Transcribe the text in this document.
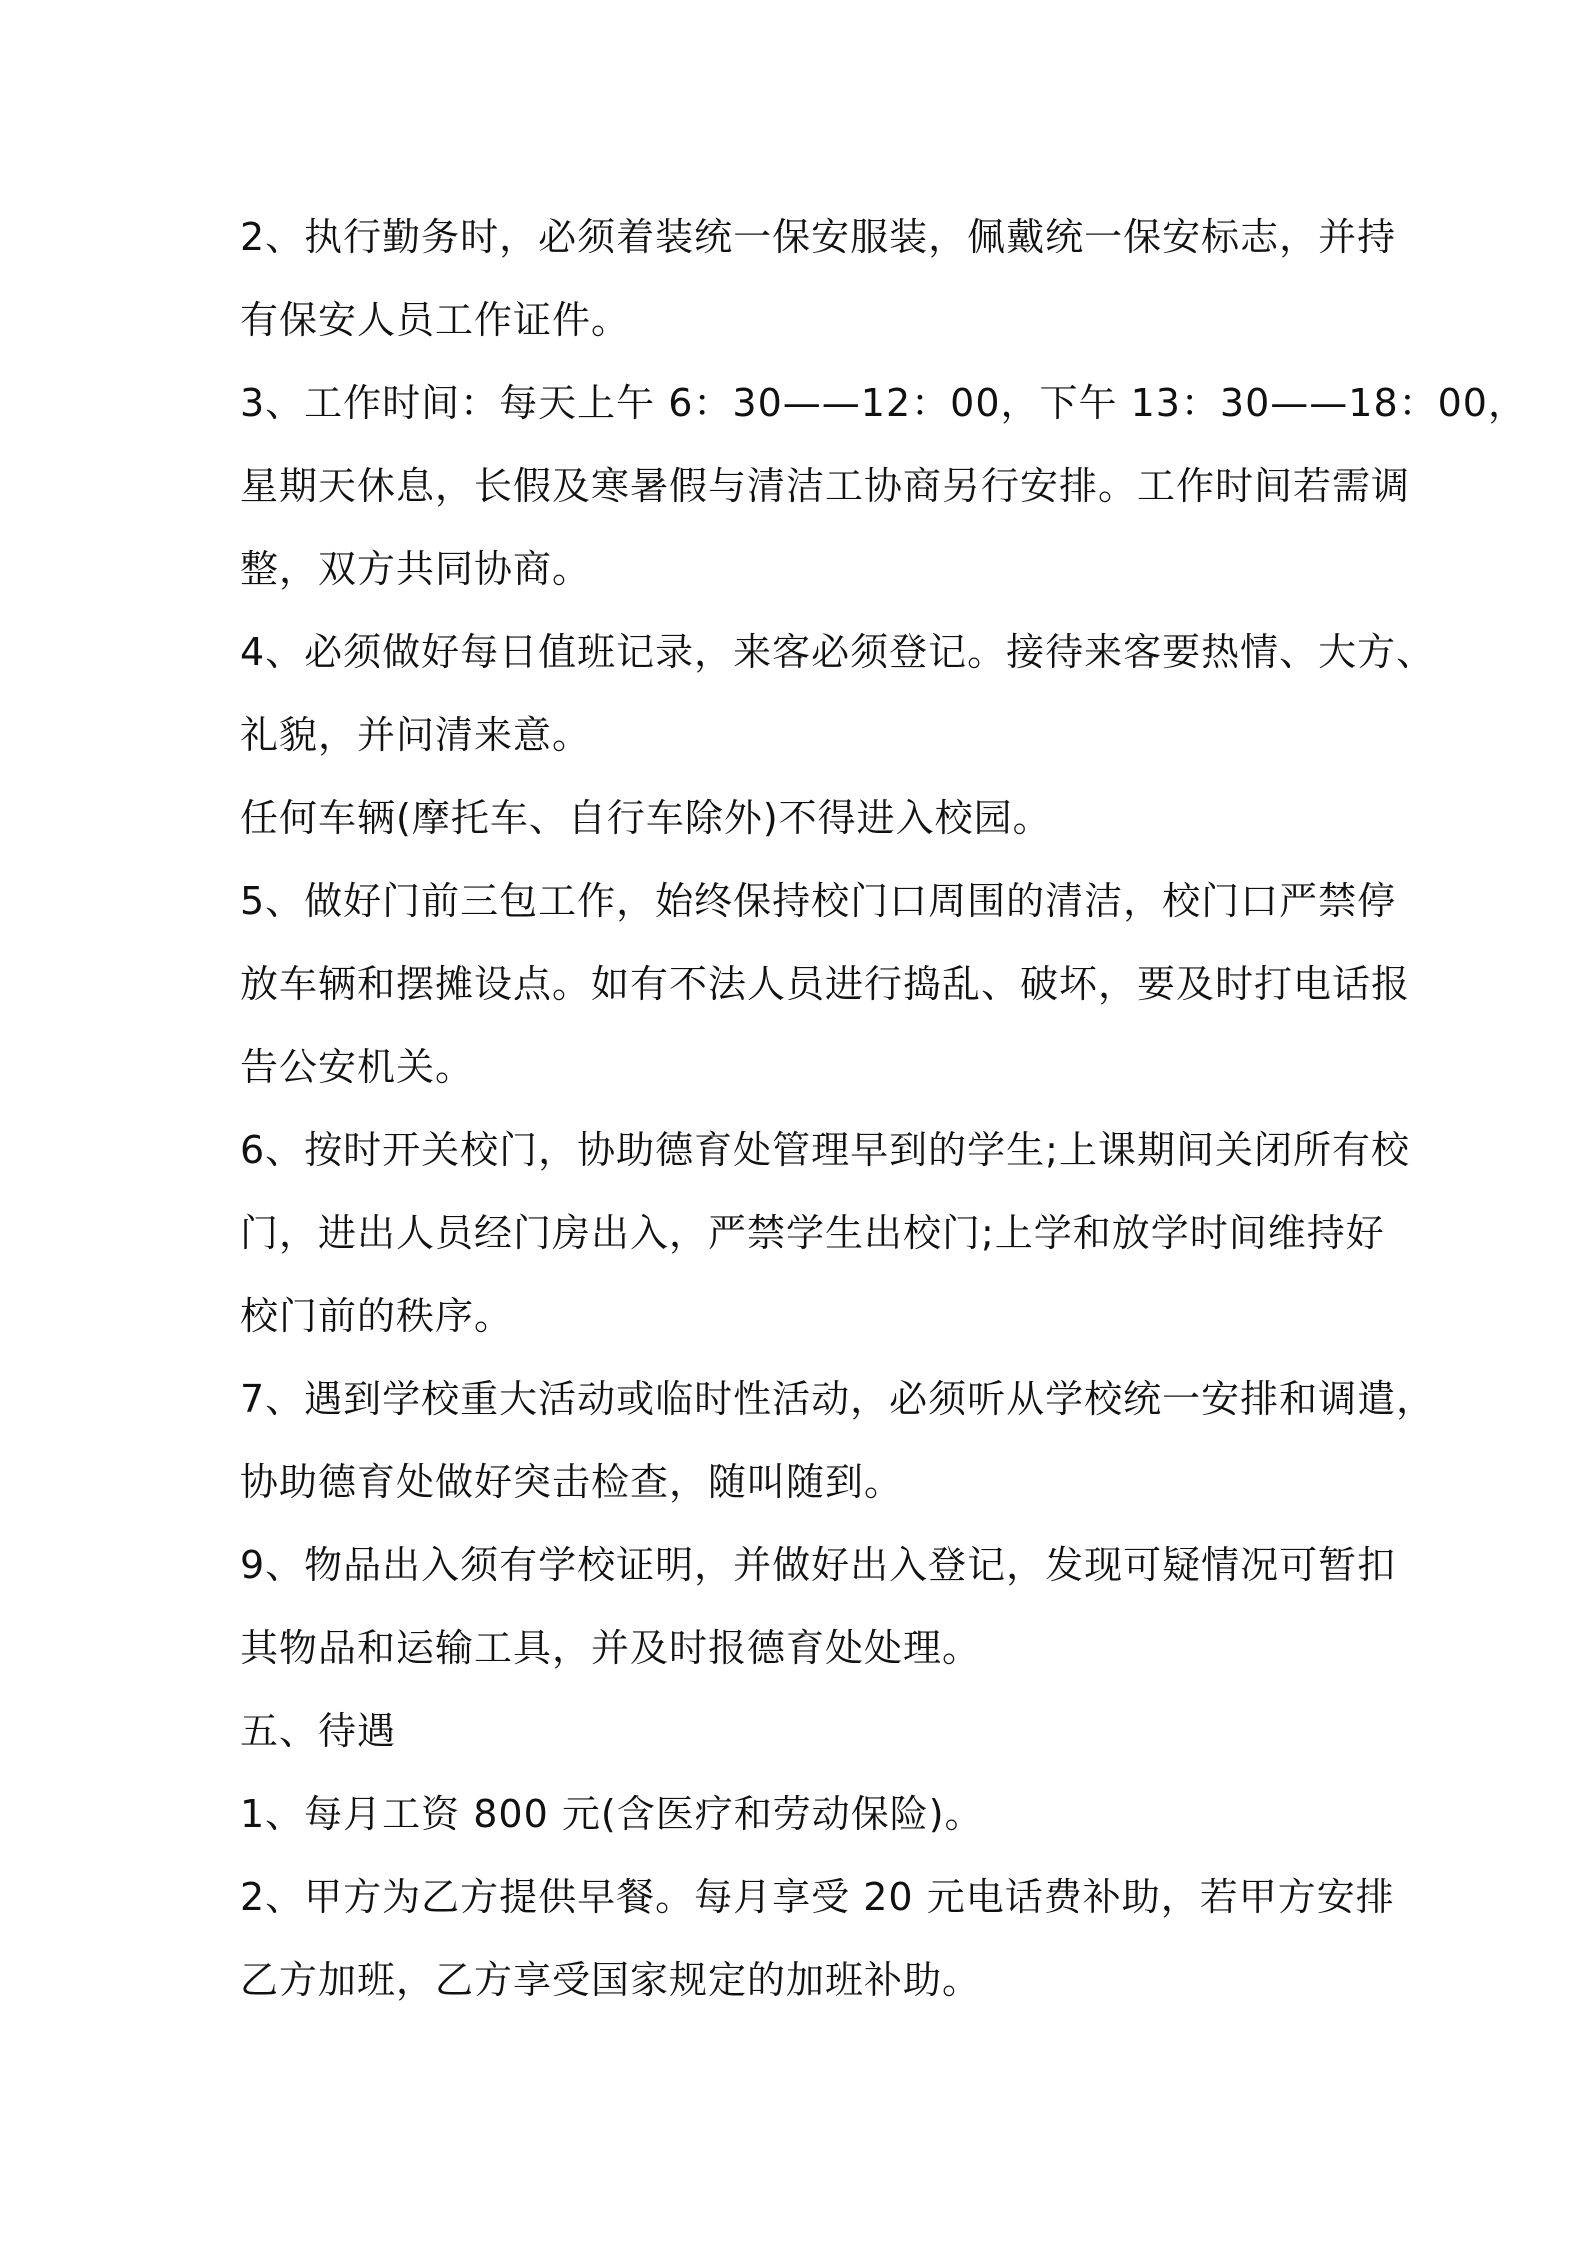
2、执行勤务时，必须着装统一保安服装，佩戴统一保安标志，并持
有保安人员工作证件。
3、工作时间：每天上午 6：30——12：00，下午 13：30——18：00，
星期天休息，长假及寒暑假与清洁工协商另行安排。工作时间若需调
整，双方共同协商。
4、必须做好每日值班记录，来客必须登记。接待来客要热情、大方、
礼貌，并问清来意。
任何车辆(摩托车、自行车除外)不得进入校园。
5、做好门前三包工作，始终保持校门口周围的清洁，校门口严禁停
放车辆和摆摊设点。如有不法人员进行捣乱、破坏，要及时打电话报
告公安机关。
6、按时开关校门，协助德育处管理早到的学生;上课期间关闭所有校
门，进出人员经门房出入，严禁学生出校门;上学和放学时间维持好
校门前的秩序。
7、遇到学校重大活动或临时性活动，必须听从学校统一安排和调遣，
协助德育处做好突击检查，随叫随到。
9、物品出入须有学校证明，并做好出入登记，发现可疑情况可暂扣
其物品和运输工具，并及时报德育处处理。
五、待遇
1、每月工资 800 元(含医疗和劳动保险)。
2、甲方为乙方提供早餐。每月享受 20 元电话费补助，若甲方安排
乙方加班，乙方享受国家规定的加班补助。
